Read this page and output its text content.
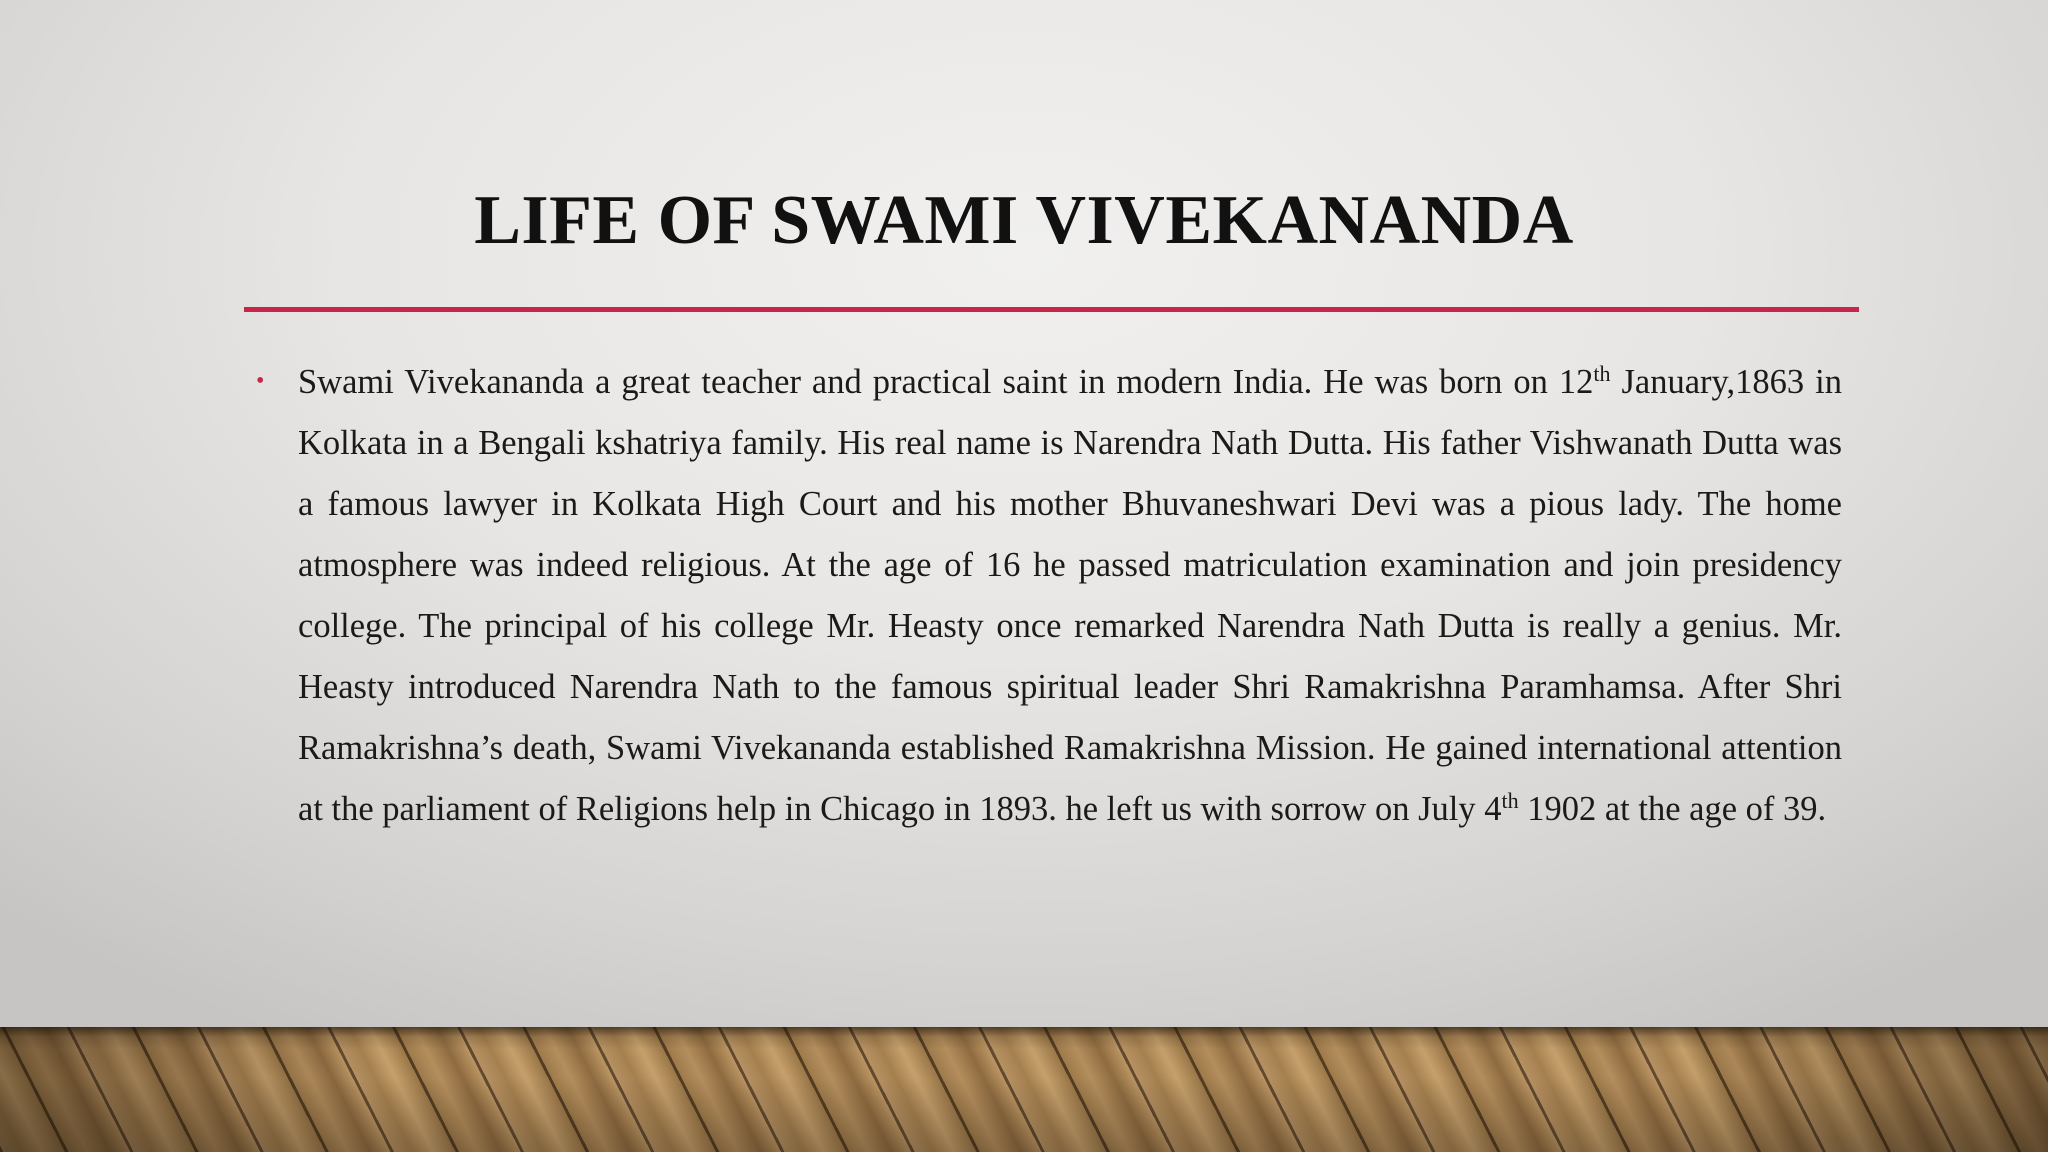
LIFE OF SWAMI VIVEKANANDA
• Swami Vivekananda a great teacher and practical saint in modern India. He was born on 12th January,1863 in Kolkata in a Bengali kshatriya family. His real name is Narendra Nath Dutta. His father Vishwanath Dutta was a famous lawyer in Kolkata High Court and his mother Bhuvaneshwari Devi was a pious lady. The home atmosphere was indeed religious. At the age of 16 he passed matriculation examination and join presidency college. The principal of his college Mr. Heasty once remarked Narendra Nath Dutta is really a genius. Mr. Heasty introduced Narendra Nath to the famous spiritual leader Shri Ramakrishna Paramhamsa. After Shri Ramakrishna’s death, Swami Vivekananda established Ramakrishna Mission. He gained international attention at the parliament of Religions help in Chicago in 1893. he left us with sorrow on July 4th 1902 at the age of 39.
